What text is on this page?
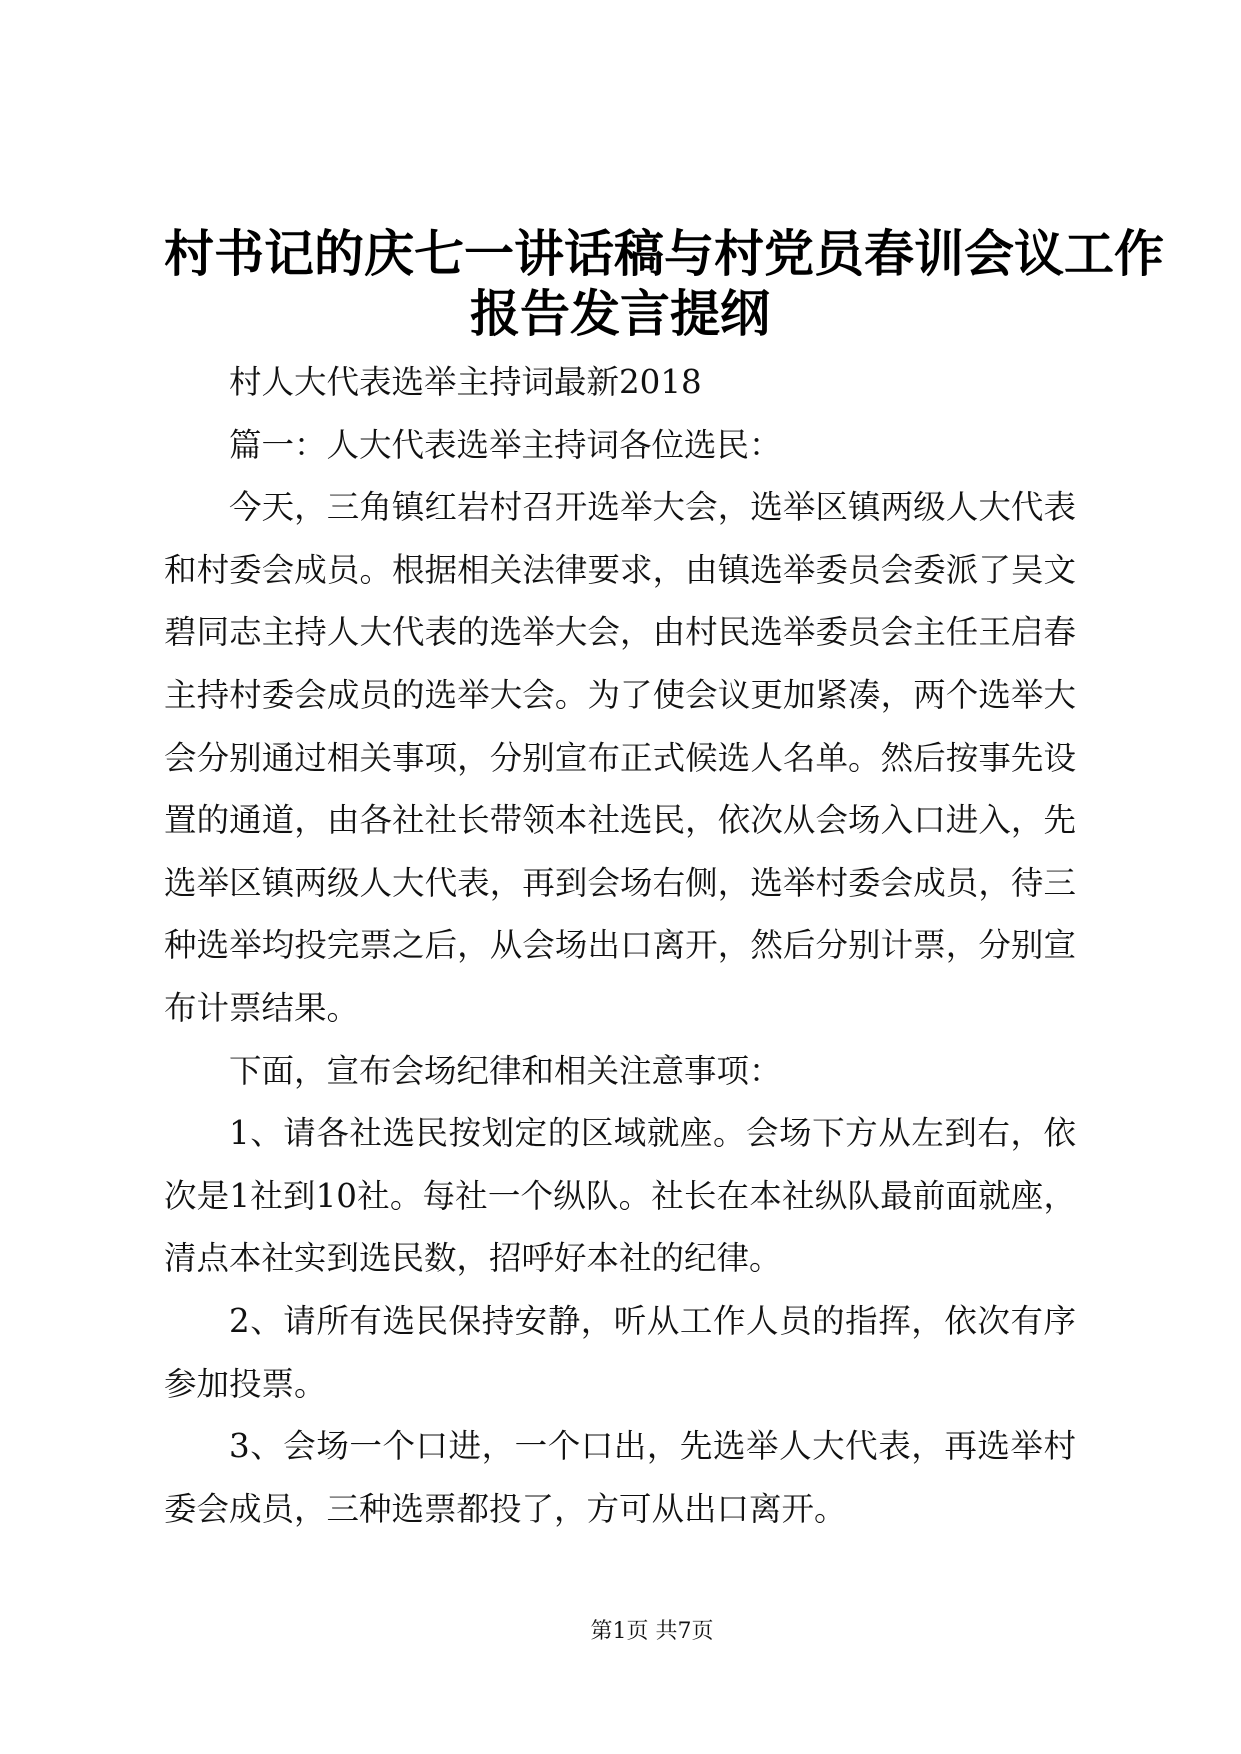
村书记的庆七一讲话稿与村党员春训会议工作
报告发言提纲
村人大代表选举主持词最新2018
篇一：人大代表选举主持词各位选民：
今天，三角镇红岩村召开选举大会，选举区镇两级人大代表
和村委会成员。根据相关法律要求，由镇选举委员会委派了吴文
碧同志主持人大代表的选举大会，由村民选举委员会主任王启春
主持村委会成员的选举大会。为了使会议更加紧凑，两个选举大
会分别通过相关事项，分别宣布正式候选人名单。然后按事先设
置的通道，由各社社长带领本社选民，依次从会场入口进入，先
选举区镇两级人大代表，再到会场右侧，选举村委会成员，待三
种选举均投完票之后，从会场出口离开，然后分别计票，分别宣
布计票结果。
下面，宣布会场纪律和相关注意事项：
1、请各社选民按划定的区域就座。会场下方从左到右，依
次是1社到10社。每社一个纵队。社长在本社纵队最前面就座，
清点本社实到选民数，招呼好本社的纪律。
2、请所有选民保持安静，听从工作人员的指挥，依次有序
参加投票。
3、会场一个口进，一个口出，先选举人大代表，再选举村
委会成员，三种选票都投了，方可从出口离开。
第1页 共7页
